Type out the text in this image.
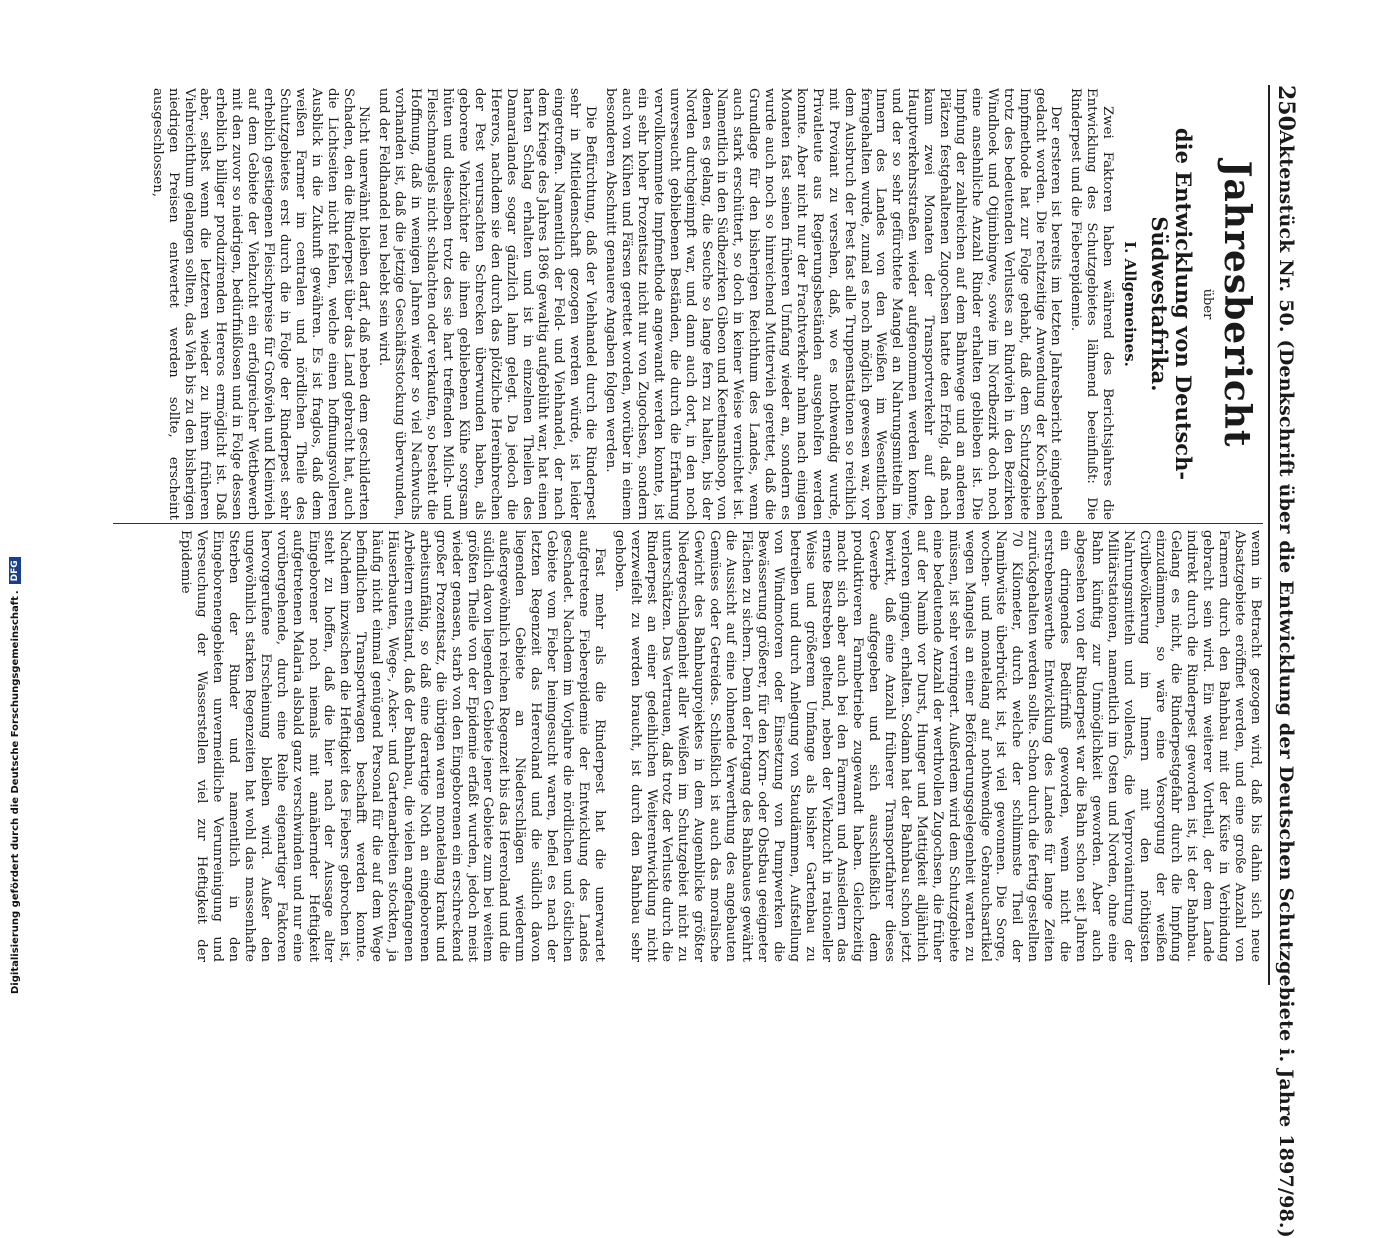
250
Aktenstück Nr. 50. (Denkschrift über die Entwicklung der Deutschen Schutzgebiete i. Jahre 1897/98.)
Jahresbericht
über
die Entwicklung von Deutsch-Südwestafrika.
I. Allgemeines.

Zwei Faktoren haben während des Berichtsjahres die Entwicklung des Schutzgebietes lähmend beeinflußt: Die Rinderpest und die Fieberepidemie.

Der ersteren ist bereits im letzten Jahresbericht eingehend gedacht worden. Die rechtzeitige Anwendung der Koch'schen Impfmethode hat zur Folge gehabt, daß dem Schutzgebiete trotz des bedeutenden Verlustes an Rindvieh in den Bezirken Windhoek und Otjimbingwe, sowie im Nordbezirk doch noch eine ansehnliche Anzahl Rinder erhalten geblieben ist. Die Impfung der zahlreichen auf dem Bahnwege und an anderen Plätzen festgehaltenen Zugochsen hatte den Erfolg, daß nach kaum zwei Monaten der Transportverkehr auf den Hauptverkehrsstraßen wieder aufgenommen werden konnte, und der so sehr gefürchtete Mangel an Nahrungsmitteln im Innern des Landes von den Weißen im Wesentlichen ferngehalten wurde, zumal es noch möglich gewesen war, vor dem Ausbruch der Pest fast alle Truppenstationen so reichlich mit Proviant zu versehen, daß, wo es nothwendig wurde, Privatleute aus Regierungsbeständen ausgeholfen werden konnte. Aber nicht nur der Frachtverkehr nahm nach einigen Monaten fast seinen früheren Umfang wieder an, sondern es wurde auch noch so hinreichend Muttervieh gerettet, daß die Grundlage für den bisherigen Reichthum des Landes, wenn auch stark erschüttert, so doch in keiner Weise vernichtet ist. Namentlich in den Südbezirken Gibeon und Keetmanshoop, von denen es gelang, die Seuche so lange fern zu halten, bis der Norden durchgeimpft war, und dann auch dort, in den noch unverseucht gebliebenen Beständen, die durch die Erfahrung vervollkommnete Impfmethode angewandt werden konnte, ist ein sehr hoher Prozentsatz nicht nur von Zugochsen, sondern auch von Kühen und Färsen gerettet worden, worüber in einem besonderen Abschnitt genauere Angaben folgen werden.

Die Befürchtung, daß der Viehhandel durch die Rinderpest sehr in Mitleidenschaft gezogen werden würde, ist leider eingetroffen. Namentlich der Feld- und Viehhandel, der nach dem Kriege des Jahres 1896 gewaltig aufgeblüht war, hat einen harten Schlag erhalten und ist in einzelnen Theilen des Damaralandes sogar gänzlich lahm gelegt. Da jedoch die Hereros, nachdem sie den durch das plötzliche Hereinbrechen der Pest verursachten Schrecken überwunden haben, als geborene Viehzüchter die ihnen gebliebenen Kühe sorgsam hüten und dieselben trotz des sie hart treffenden Milch- und Fleischmangels nicht schlachten oder verkaufen, so besteht die Hoffnung, daß in wenigen Jahren wieder so viel Nachwuchs vorhanden ist, daß die jetzige Geschäftsstockung überwunden, und der Feldhandel neu belebt sein wird.

Nicht unerwähnt bleiben darf, daß neben dem geschilderten Schaden, den die Rinderpest über das Land gebracht hat, auch die Lichtseiten nicht fehlen, welche einen hoffnungsvolleren Ausblick in die Zukunft gewähren. Es ist fraglos, daß dem weißen Farmer im centralen und nördlichen Theile des Schutzgebietes erst durch die in Folge der Rinderpest sehr erheblich gestiegenen Fleischpreise für Großvieh und Kleinvieh auf dem Gebiete der Viehzucht ein erfolgreicher Wettbewerb mit den zuvor so niedrigen, bedürfnißlosen und in Folge dessen erheblich billiger produzirenden Hereros ermöglicht ist. Daß aber, selbst wenn die letzteren wieder zu ihrem früheren Viehreichthum gelangen sollten, das Vieh bis zu den bisherigen niedrigen Preisen entwertet werden sollte, erscheint ausgeschlossen,

wenn in Betracht gezogen wird, daß bis dahin sich neue Absatzgebiete eröffnet werden, und eine große Anzahl von Farmern durch den Bahnbau mit der Küste in Verbindung gebracht sein wird. Ein weiterer Vortheil, der dem Lande indirekt durch die Rinderpest geworden ist, ist der Bahnbau. Gelang es nicht, die Rinderpestgefahr durch die Impfung einzudämmen, so wäre eine Versorgung der weißen Civilbevölkerung im Innern mit den nöthigsten Nahrungsmitteln und vollends, die Verproviantirung der Militärstationen, namentlich im Osten und Norden, ohne eine Bahn künftig zur Unmöglichkeit geworden. Aber auch abgesehen von der Rinderpest war die Bahn schon seit Jahren ein dringendes Bedürfniß geworden, wenn nicht die erstrebenswerthe Entwicklung des Landes für lange Zeiten zurückgehalten werden sollte. Schon durch die fertig gestellten 70 Kilometer, durch welche der schlimmste Theil der Namibwüste überbrückt ist, ist viel gewonnen. Die Sorge, wochen- und monatelang auf nothwendige Gebrauchsartikel wegen Mangels an einer Beförderungsgelegenheit warten zu müssen, ist sehr verringert. Außerdem wird dem Schutzgebiete eine bedeutende Anzahl der werthvollen Zugochsen, die früher auf der Namib vor Durst, Hunger und Mattigkeit alljährlich verloren gingen, erhalten. Sodann hat der Bahnbau schon jetzt bewirkt, daß eine Anzahl früherer Transportfahrer dieses Gewerbe aufgegeben und sich ausschließlich dem produktiveren Farmbetriebe zugewandt haben. Gleichzeitig macht sich aber auch bei den Farmern und Ansiedlern das ernste Bestreben geltend, neben der Viehzucht in rationeller Weise und größerem Umfange als bisher Gartenbau zu betreiben und durch Anlegung von Staudämmen, Aufstellung von Windmotoren oder Einsetzung von Pumpwerken die Bewässerung größerer, für den Korn- oder Obstbau geeigneter Flächen zu sichern. Denn der Fortgang des Bahnbaues gewährt die Aussicht auf eine lohnende Verwerthung des angebauten Gemüses oder Getreides. Schließlich ist auch das moralische Gewicht des Bahnbauprojektes in dem Augenblicke größter Niedergeschlagenheit aller Weißen im Schutzgebiet nicht zu unterschätzen. Das Vertrauen, daß trotz der Verluste durch die Rinderpest an einer gedeihlichen Weiterentwicklung nicht verzweifelt zu werden braucht, ist durch den Bahnbau sehr gehoben.

Fast mehr als die Rinderpest hat die unerwartet aufgetretene Fieberepidemie der Entwicklung des Landes geschadet. Nachdem im Vorjahre die nördlichen und östlichen Gebiete vom Fieber heimgesucht waren, befiel es nach der letzten Regenzeit das Hereroland und die südlich davon liegenden Gebiete an Niederschlägen wiederum außergewöhnlich reichen Regenzeit bis das Hereroland und die südlich davon liegenden Gebiete jener Gebiete zum bei weitem größten Theile von der Epidemie erfaßt wurden, jedoch meist wieder genasen, starb von den Eingeborenen ein erschreckend großer Prozentsatz, die übrigen waren monatelang krank und arbeitsunfähig, so daß eine derartige Noth an eingeborenen Arbeitern entstand, daß der Bahnbau, die vielen angefangenen Häuserbauten, Wege-, Acker- und Gartenarbeiten stockten, ja häufig nicht einmal genügend Personal für die auf dem Wege befindlichen Transportwagen beschafft werden konnte. Nachdem inzwischen die Heftigkeit des Fiebers gebrochen ist, steht zu hoffen, daß die hier nach der Aussage alter Eingeborener noch niemals mit annähernder Heftigkeit aufgetretenen Malaria alsbald ganz verschwinden und nur eine vorübergehende, durch eine Reihe eigenartiger Faktoren hervorgerufene Erscheinung bleiben wird. Außer den ungewöhnlich starken Regenzeiten hat wohl das massenhafte Sterben der Rinder und namentlich in den Eingeborenengebieten unvermeidliche Verunreinigung und Verseuchung der Wasserstellen viel zur Heftigkeit der Epidemie

Digitalisierung gefördert durch die Deutsche Forschungsgemeinschaft.DFG
